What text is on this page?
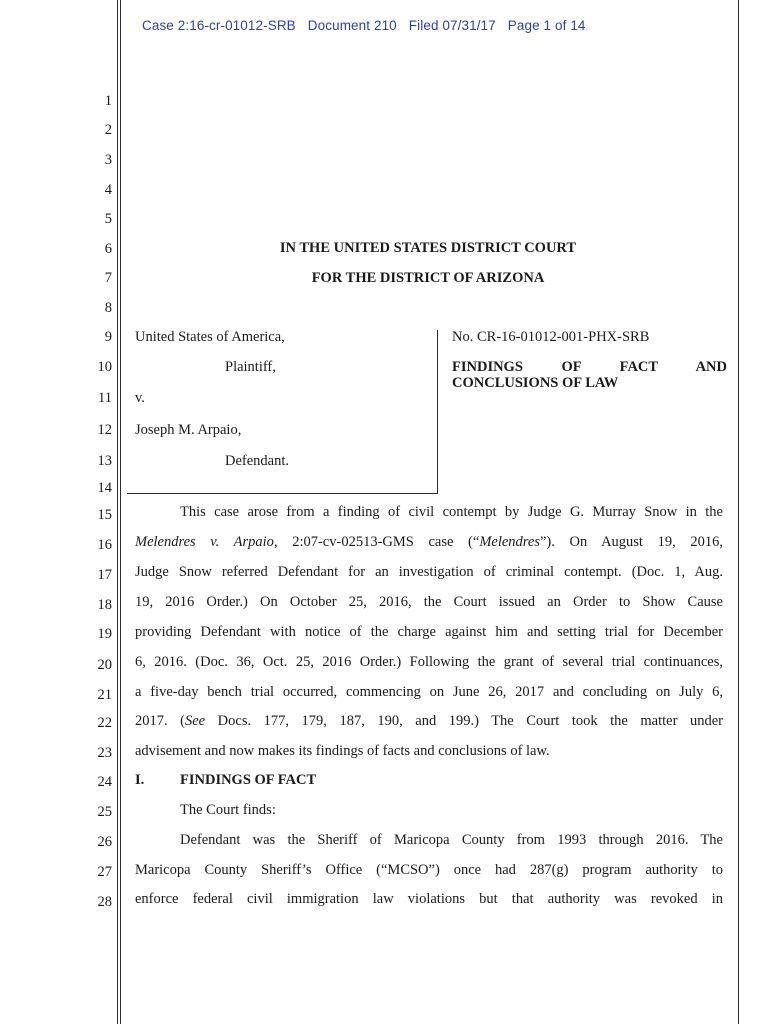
Case 2:16-cr-01012-SRB Document 210 Filed 07/31/17 Page 1 of 14
1
2
3
4
5
6
7
8
9
10
11
12
13
14
15
16
17
18
19
20
21
22
23
24
25
26
27
28
IN THE UNITED STATES DISTRICT COURT
FOR THE DISTRICT OF ARIZONA
United States of America,
Plaintiff,
v.
Joseph M. Arpaio,
Defendant.
No. CR-16-01012-001-PHX-SRB
FINDINGS OF FACT AND
CONCLUSIONS OF LAW
This case arose from a finding of civil contempt by Judge G. Murray Snow in the
Melendres v. Arpaio, 2:07-cv-02513-GMS case (“Melendres”). On August 19, 2016,
Judge Snow referred Defendant for an investigation of criminal contempt. (Doc. 1, Aug.
19, 2016 Order.) On October 25, 2016, the Court issued an Order to Show Cause
providing Defendant with notice of the charge against him and setting trial for December
6, 2016. (Doc. 36, Oct. 25, 2016 Order.) Following the grant of several trial continuances,
a five-day bench trial occurred, commencing on June 26, 2017 and concluding on July 6,
2017. (See Docs. 177, 179, 187, 190, and 199.) The Court took the matter under
advisement and now makes its findings of facts and conclusions of law.
I. FINDINGS OF FACT
The Court finds:
Defendant was the Sheriff of Maricopa County from 1993 through 2016. The
Maricopa County Sheriff’s Office (“MCSO”) once had 287(g) program authority to
enforce federal civil immigration law violations but that authority was revoked in
